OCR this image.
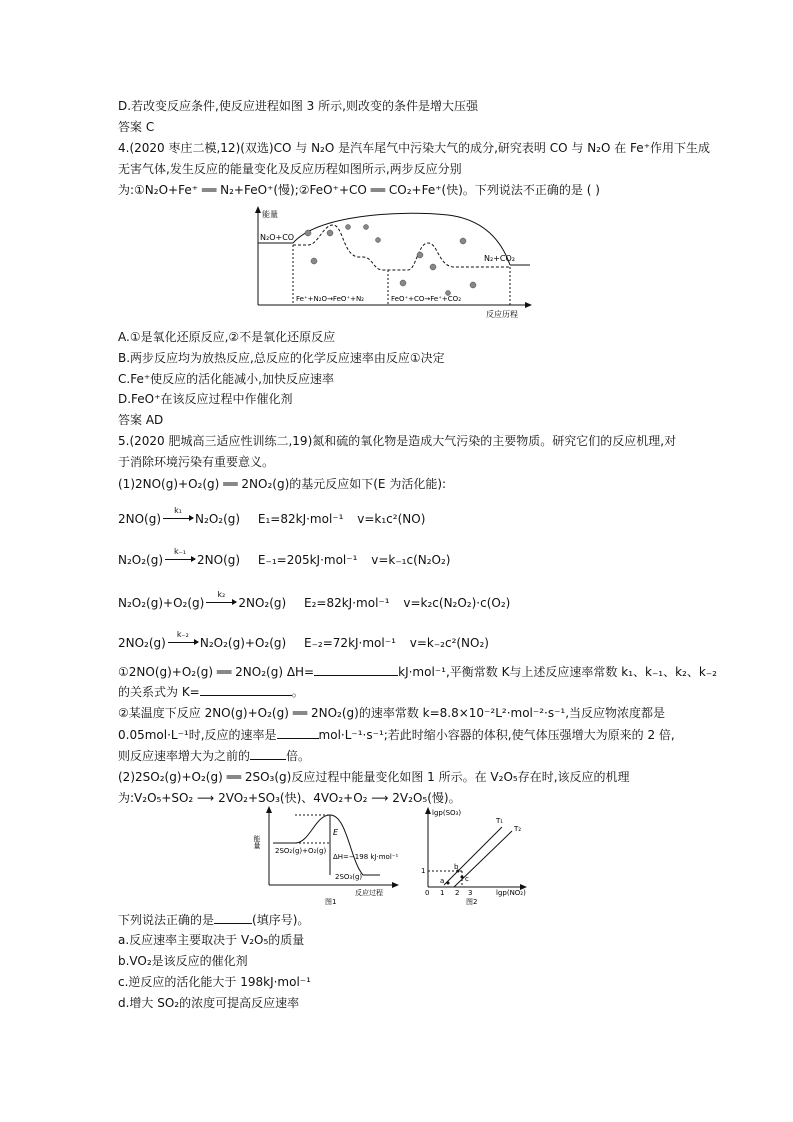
D.若改变反应条件,使反应进程如图 3 所示,则改变的条件是增大压强
答案 C
4.(2020 枣庄二模,12)(双选)CO 与 N₂O 是汽车尾气中污染大气的成分,研究表明 CO 与 N₂O 在 Fe⁺作用下生成
无害气体,发生反应的能量变化及反应历程如图所示,两步反应分别
为:①N₂O+Fe⁺ ══ N₂+FeO⁺(慢);②FeO⁺+CO ══ CO₂+Fe⁺(快)。下列说法不正确的是 ( )
能量
反应历程
N₂O+CO
N₂+CO₂
Fe⁺+N₂O→FeO⁺+N₂	FeO⁺+CO→Fe⁺+CO₂
A.①是氧化还原反应,②不是氧化还原反应
B.两步反应均为放热反应,总反应的化学反应速率由反应①决定
C.Fe⁺使反应的活化能减小,加快反应速率
D.FeO⁺在该反应过程中作催化剂
答案 AD
5.(2020 肥城高三适应性训练二,19)氮和硫的氧化物是造成大气污染的主要物质。研究它们的反应机理,对
于消除环境污染有重要意义。
(1)2NO(g)+O₂(g) ══ 2NO₂(g)的基元反应如下(E 为活化能):
2NO(g)
k₁
N₂O₂(g) E₁=82kJ·mol⁻¹ v=k₁c²(NO)
N₂O₂(g)
k₋₁
2NO(g) E₋₁=205kJ·mol⁻¹ v=k₋₁c(N₂O₂)
N₂O₂(g)+O₂(g)
k₂
2NO₂(g) E₂=82kJ·mol⁻¹ v=k₂c(N₂O₂)·c(O₂)
2NO₂(g)
k₋₂
N₂O₂(g)+O₂(g) E₋₂=72kJ·mol⁻¹ v=k₋₂c²(NO₂)
①2NO(g)+O₂(g) ══ 2NO₂(g) ΔH=	kJ·mol⁻¹,平衡常数 K与上述反应速率常数 k₁、k₋₁、k₂、k₋₂
的关系式为 K=	。
②某温度下反应 2NO(g)+O₂(g) ══ 2NO₂(g)的速率常数 k=8.8×10⁻²L²·mol⁻²·s⁻¹,当反应物浓度都是
0.05mol·L⁻¹时,反应的速率是	mol·L⁻¹·s⁻¹;若此时缩小容器的体积,使气体压强增大为原来的 2 倍,
则反应速率增大为之前的	倍。
(2)2SO₂(g)+O₂(g) ══ 2SO₃(g)反应过程中能量变化如图 1 所示。在 V₂O₅存在时,该反应的机理
为:V₂O₅+SO₂ ⟶ 2VO₂+SO₃(快)、4VO₂+O₂ ⟶ 2V₂O₅(慢)。
能量
反应过程
E
2SO₂(g)+O₂(g)
ΔH=−198 kJ·mol⁻¹
2SO₃(g)
图1
lgp(SO₃)
lgp(NO₂)
T₁
T₂
1
0 1 2 3
a
b
c
图2
下列说法正确的是	(填序号)。
a.反应速率主要取决于 V₂O₅的质量
b.VO₂是该反应的催化剂
c.逆反应的活化能大于 198kJ·mol⁻¹
d.增大 SO₂的浓度可提高反应速率
